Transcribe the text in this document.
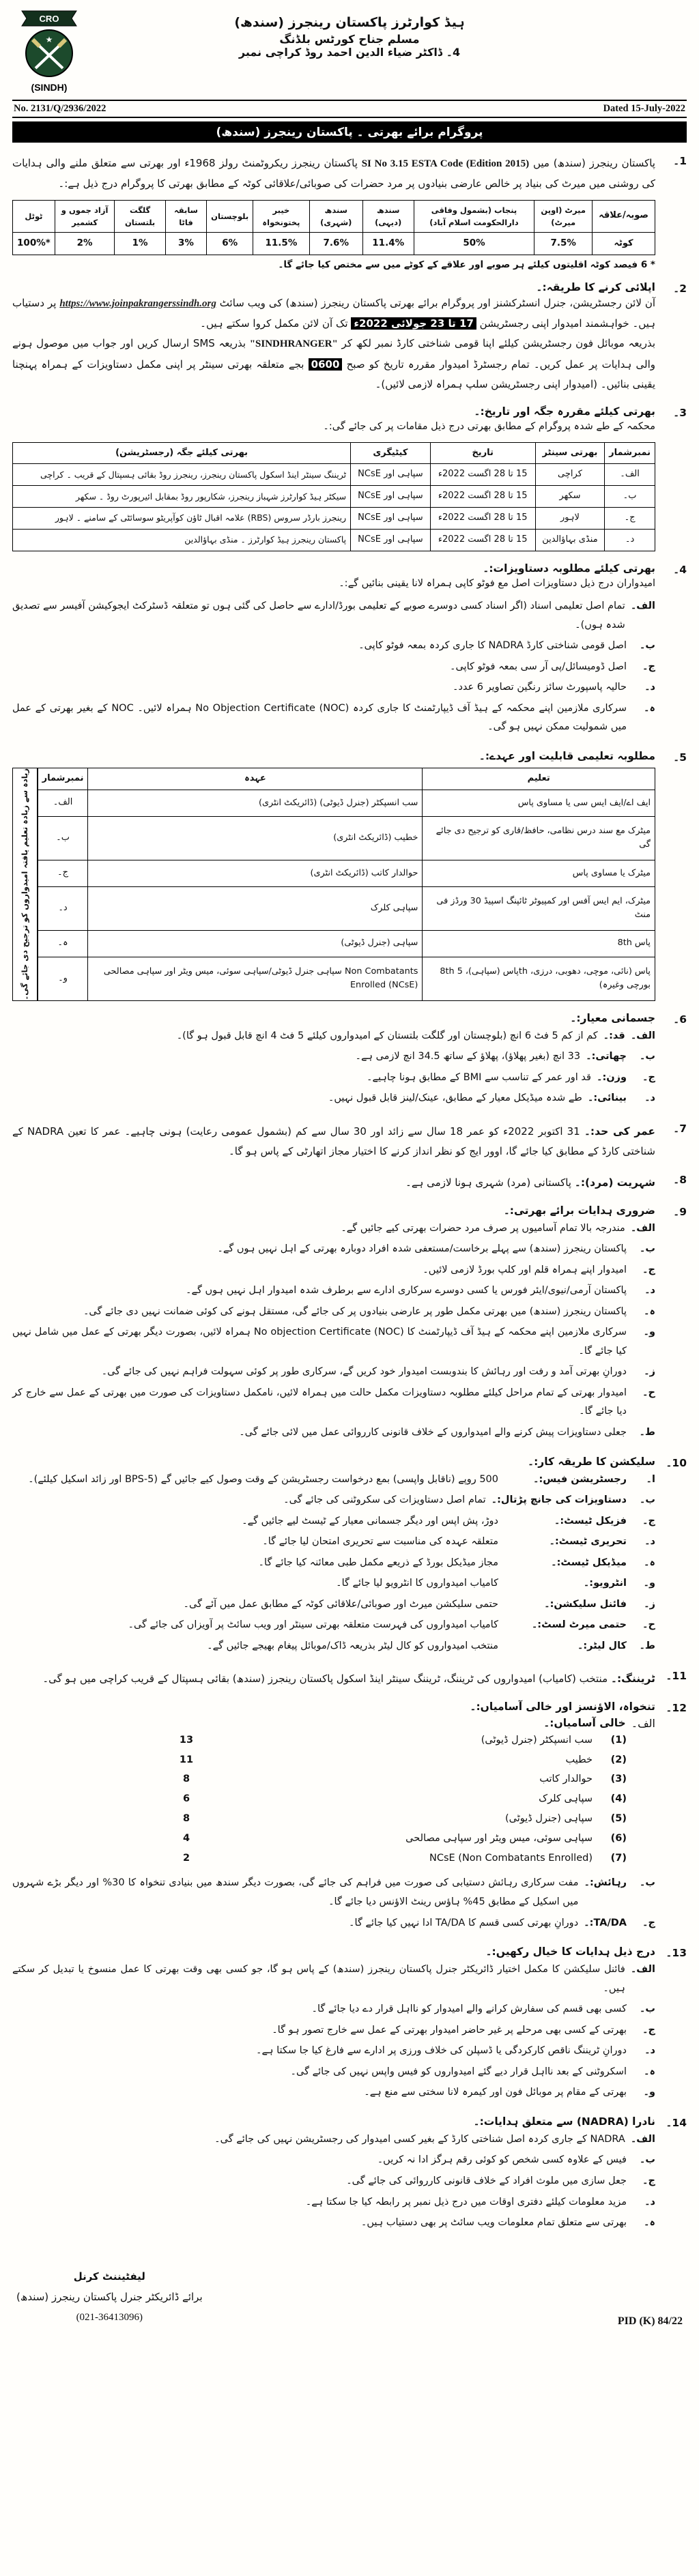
CRO
★
(SINDH)
ہیڈ کوارٹرز پاکستان رینجرز (سندھ)
مسلم جناح کورٹس بلڈنگ
4۔ ڈاکٹر ضیاء الدین احمد روڈ کراچی نمبر
No. 2131/Q/2936/2022	Dated 15-July-2022
پروگرام برائے بھرتی ۔ پاکستان رینجرز (سندھ)
1۔

پاکستان رینجرز (سندھ) میں SI No 3.15 ESTA Code (Edition 2015) پاکستان رینجرز ریکروٹمنٹ رولز 1968ء اور بھرتی سے متعلق ملنے والی ہدایات کی روشنی میں میرٹ کی بنیاد پر خالص عارضی بنیادوں پر مرد حضرات کی صوبائی/علاقائی کوٹہ کے مطابق بھرتی کا پروگرام درج ذیل ہے:۔

صوبہ/علاقہ	میرٹ (اوپن میرٹ)	پنجاب (بشمول وفاقی دارالحکومت اسلام آباد)	سندھ (دیہی)	سندھ (شہری)	خیبر پختونخواہ	بلوچستان	سابقہ فاٹا	گلگت بلتستان	آزاد جموں و کشمیر	ٹوٹل
کوٹہ	7.5%	50%	11.4%	7.6%	11.5%	6%	3%	1%	2%	*100%
* 6 فیصد کوٹہ اقلیتوں کیلئے ہر صوبے اور علاقے کے کوٹے میں سے مختص کیا جائے گا۔
2۔

اپلائی کرنے کا طریقہ:۔

آن لائن رجسٹریشن، جنرل انسٹرکشنز اور پروگرام برائے بھرتی پاکستان رینجرز (سندھ) کی ویب سائٹ https://www.joinpakrangerssindh.org پر دستیاب ہیں۔ خواہشمند امیدوار اپنی رجسٹریشن 17 تا 23 جولائی 2022ء تک آن لائن مکمل کروا سکتے ہیں۔

بذریعہ موبائل فون رجسٹریشن کیلئے اپنا قومی شناختی کارڈ نمبر لکھ کر "SINDHRANGER" بذریعہ SMS ارسال کریں اور جواب میں موصول ہونے والی ہدایات پر عمل کریں۔ تمام رجسٹرڈ امیدوار مقررہ تاریخ کو صبح 0600 بجے متعلقہ بھرتی سینٹر پر اپنی مکمل دستاویزات کے ہمراہ پہنچنا یقینی بنائیں۔ (امیدوار اپنی رجسٹریشن سلپ ہمراہ لازمی لائیں)۔

3۔

بھرتی کیلئے مقررہ جگہ اور تاریخ:۔

محکمہ کے طے شدہ پروگرام کے مطابق بھرتی درج ذیل مقامات پر کی جائے گی:۔

نمبرشمار	بھرتی سینٹر	تاریخ	کیٹیگری	بھرتی کیلئے جگہ (رجسٹریشن)
الف۔	کراچی	15 تا 28 اگست 2022ء	سپاہی اور NCsE	ٹریننگ سینٹر اینڈ اسکول پاکستان رینجرز، رینجرز روڈ بقائی ہسپتال کے قریب ۔ کراچی
ب۔	سکھر	15 تا 28 اگست 2022ء	سپاہی اور NCsE	سیکٹر ہیڈ کوارٹرز شہباز رینجرز، شکارپور روڈ بمقابل ائیرپورٹ روڈ ۔ سکھر
ج۔	لاہور	15 تا 28 اگست 2022ء	سپاہی اور NCsE	رینجرز بارڈر سروس (RBS) علامہ اقبال ٹاؤن کوآپریٹو سوسائٹی کے سامنے ۔ لاہور
د۔	منڈی بہاؤالدین	15 تا 28 اگست 2022ء	سپاہی اور NCsE	پاکستان رینجرز ہیڈ کوارٹرز ۔ منڈی بہاؤالدین
4۔

بھرتی کیلئے مطلوبہ دستاویزات:۔

امیدواران درج ذیل دستاویزات اصل مع فوٹو کاپی ہمراہ لانا یقینی بنائیں گے:۔

الف۔
تمام اصل تعلیمی اسناد (اگر اسناد کسی دوسرے صوبے کے تعلیمی بورڈ/ادارے سے حاصل کی گئی ہوں تو متعلقہ ڈسٹرکٹ ایجوکیشن آفیسر سے تصدیق شدہ ہوں)۔
ب۔
اصل قومی شناختی کارڈ NADRA کا جاری کردہ بمعہ فوٹو کاپی۔
ج۔
اصل ڈومیسائل/پی آر سی بمعہ فوٹو کاپی۔
د۔
حالیہ پاسپورٹ سائز رنگین تصاویر 6 عدد۔
ہ۔
سرکاری ملازمین اپنے محکمہ کے ہیڈ آف ڈیپارٹمنٹ کا جاری کردہ No Objection Certificate (NOC) ہمراہ لائیں۔ NOC کے بغیر بھرتی کے عمل میں شمولیت ممکن نہیں ہو گی۔
5۔

مطلوبہ تعلیمی قابلیت اور عہدے:۔

زیادہ سے زیادہ تعلیم یافتہ امیدواروں کو ترجیح دی جائے گی۔ نمبرشمار	عہدہ	تعلیم
الف۔	سب انسپکٹر (جنرل ڈیوٹی) (ڈائریکٹ انٹری)	ایف اے/ایف ایس سی یا مساوی پاس
ب۔	خطیب (ڈائریکٹ انٹری)	میٹرک مع سند درس نظامی، حافظ/قاری کو ترجیح دی جائے گی
ج۔	حوالدار کاتب (ڈائریکٹ انٹری)	میٹرک یا مساوی پاس
د۔	سپاہی کلرک	میٹرک، ایم ایس آفس اور کمپیوٹر ٹائپنگ اسپیڈ 30 ورڈز فی منٹ
ہ۔	سپاہی (جنرل ڈیوٹی)	8th پاس
و۔	سپاہی جنرل ڈیوٹی/سپاہی سوئی، میس ویٹر اور سپاہی مصالحی Non Combatants Enrolled (NCsE)	8th پاس (سپاہی)، 5th پاس (نائی، موچی، دھوبی، درزی، بورچی وغیرہ)
6۔

جسمانی معیار:۔

الف۔
قد:۔
کم از کم 5 فٹ 6 انچ (بلوچستان اور گلگت بلتستان کے امیدواروں کیلئے 5 فٹ 4 انچ قابل قبول ہو گا)۔
ب۔
چھاتی:۔
33 انچ (بغیر پھلاؤ)، پھلاؤ کے ساتھ 34.5 انچ لازمی ہے۔
ج۔
وزن:۔
قد اور عمر کے تناسب سے BMI کے مطابق ہونا چاہیے۔
د۔
بینائی:۔
طے شدہ میڈیکل معیار کے مطابق، عینک/لینز قابل قبول نہیں۔
7۔

عمر کی حد:۔ 31 اکتوبر 2022ء کو عمر 18 سال سے زائد اور 30 سال سے کم (بشمول عمومی رعایت) ہونی چاہیے۔ عمر کا تعین NADRA کے شناختی کارڈ کے مطابق کیا جائے گا، اوور ایج کو نظر انداز کرنے کا اختیار مجاز اتھارٹی کے پاس ہو گا۔

8۔

شہریت (مرد):۔ پاکستانی (مرد) شہری ہونا لازمی ہے۔

9۔

ضروری ہدایات برائے بھرتی:۔

الف۔
مندرجہ بالا تمام آسامیوں پر صرف مرد حضرات بھرتی کیے جائیں گے۔
ب۔
پاکستان رینجرز (سندھ) سے پہلے برخاست/مستعفی شدہ افراد دوبارہ بھرتی کے اہل نہیں ہوں گے۔
ج۔
امیدوار اپنے ہمراہ قلم اور کلپ بورڈ لازمی لائیں۔
د۔
پاکستان آرمی/نیوی/ایئر فورس یا کسی دوسرے سرکاری ادارے سے برطرف شدہ امیدوار اہل نہیں ہوں گے۔
ہ۔
پاکستان رینجرز (سندھ) میں بھرتی مکمل طور پر عارضی بنیادوں پر کی جائے گی، مستقل ہونے کی کوئی ضمانت نہیں دی جائے گی۔
و۔
سرکاری ملازمین اپنے محکمہ کے ہیڈ آف ڈیپارٹمنٹ کا No objection Certificate (NOC) ہمراہ لائیں، بصورت دیگر بھرتی کے عمل میں شامل نہیں کیا جائے گا۔
ز۔
دورانِ بھرتی آمد و رفت اور رہائش کا بندوبست امیدوار خود کریں گے، سرکاری طور پر کوئی سہولت فراہم نہیں کی جائے گی۔
ح۔
امیدوار بھرتی کے تمام مراحل کیلئے مطلوبہ دستاویزات مکمل حالت میں ہمراہ لائیں، نامکمل دستاویزات کی صورت میں بھرتی کے عمل سے خارج کر دیا جائے گا۔
ط۔
جعلی دستاویزات پیش کرنے والے امیدواروں کے خلاف قانونی کارروائی عمل میں لائی جائے گی۔
10۔

سلیکشن کا طریقہ کار:۔

ا۔
رجسٹریشن فیس:۔
500 روپے (ناقابل واپسی) بمع درخواست رجسٹریشن کے وقت وصول کیے جائیں گے (BPS-5 اور زائد اسکیل کیلئے)۔
ب۔
دستاویزات کی جانچ پڑتال:۔
تمام اصل دستاویزات کی سکروٹنی کی جائے گی۔
ج۔
فزیکل ٹیسٹ:۔
دوڑ، پش اپس اور دیگر جسمانی معیار کے ٹیسٹ لیے جائیں گے۔
د۔
تحریری ٹیسٹ:۔
متعلقہ عہدہ کی مناسبت سے تحریری امتحان لیا جائے گا۔
ہ۔
میڈیکل ٹیسٹ:۔
مجاز میڈیکل بورڈ کے ذریعے مکمل طبی معائنہ کیا جائے گا۔
و۔
انٹرویو:۔
کامیاب امیدواروں کا انٹرویو لیا جائے گا۔
ز۔
فائنل سلیکشن:۔
حتمی سلیکشن میرٹ اور صوبائی/علاقائی کوٹہ کے مطابق عمل میں آئے گی۔
ح۔
حتمی میرٹ لسٹ:۔
کامیاب امیدواروں کی فہرست متعلقہ بھرتی سینٹر اور ویب سائٹ پر آویزاں کی جائے گی۔
ط۔
کال لیٹر:۔
منتخب امیدواروں کو کال لیٹر بذریعہ ڈاک/موبائل پیغام بھیجے جائیں گے۔
11۔

ٹریننگ:۔ منتخب (کامیاب) امیدواروں کی ٹریننگ، ٹریننگ سینٹر اینڈ اسکول پاکستان رینجرز (سندھ) بقائی ہسپتال کے قریب کراچی میں ہو گی۔

12۔

تنخواہ، الاؤنسز اور خالی آسامیاں:۔

الف۔
خالی آسامیاں:۔
(1)
سب انسپکٹر (جنرل ڈیوٹی)
13
(2)
خطیب
11
(3)
حوالدار کاتب
8
(4)
سپاہی کلرک
6
(5)
سپاہی (جنرل ڈیوٹی)
8
(6)
سپاہی سوئی، میس ویٹر اور سپاہی مصالحی
4
(7)
(Non Combatants Enrolled) NCsE
2
ب۔
رہائش:۔
مفت سرکاری رہائش دستیابی کی صورت میں فراہم کی جائے گی، بصورت دیگر سندھ میں بنیادی تنخواہ کا 30% اور دیگر بڑے شہروں میں اسکیل کے مطابق 45% ہاؤس رینٹ الاؤنس دیا جائے گا۔
ج۔
TA/DA:۔
دورانِ بھرتی کسی قسم کا TA/DA ادا نہیں کیا جائے گا۔
13۔

درج ذیل ہدایات کا خیال رکھیں:۔

الف۔
فائنل سلیکشن کا مکمل اختیار ڈائریکٹر جنرل پاکستان رینجرز (سندھ) کے پاس ہو گا، جو کسی بھی وقت بھرتی کا عمل منسوخ یا تبدیل کر سکتے ہیں۔
ب۔
کسی بھی قسم کی سفارش کرانے والے امیدوار کو نااہل قرار دے دیا جائے گا۔
ج۔
بھرتی کے کسی بھی مرحلے پر غیر حاضر امیدوار بھرتی کے عمل سے خارج تصور ہو گا۔
د۔
دورانِ ٹریننگ ناقص کارکردگی یا ڈسپلن کی خلاف ورزی پر ادارے سے فارغ کیا جا سکتا ہے۔
ہ۔
اسکروٹنی کے بعد نااہل قرار دیے گئے امیدواروں کو فیس واپس نہیں کی جائے گی۔
و۔
بھرتی کے مقام پر موبائل فون اور کیمرہ لانا سختی سے منع ہے۔
14۔

نادرا (NADRA) سے متعلق ہدایات:۔

الف۔
NADRA کے جاری کردہ اصل شناختی کارڈ کے بغیر کسی امیدوار کی رجسٹریشن نہیں کی جائے گی۔
ب۔
فیس کے علاوہ کسی شخص کو کوئی رقم ہرگز ادا نہ کریں۔
ج۔
جعل سازی میں ملوث افراد کے خلاف قانونی کارروائی کی جائے گی۔
د۔
مزید معلومات کیلئے دفتری اوقات میں درج ذیل نمبر پر رابطہ کیا جا سکتا ہے۔
ہ۔
بھرتی سے متعلق تمام معلومات ویب سائٹ پر بھی دستیاب ہیں۔
لیفٹیننٹ کرنل
برائے ڈائریکٹر جنرل پاکستان رینجرز (سندھ)
(021-36413096)	PID (K) 84/22
